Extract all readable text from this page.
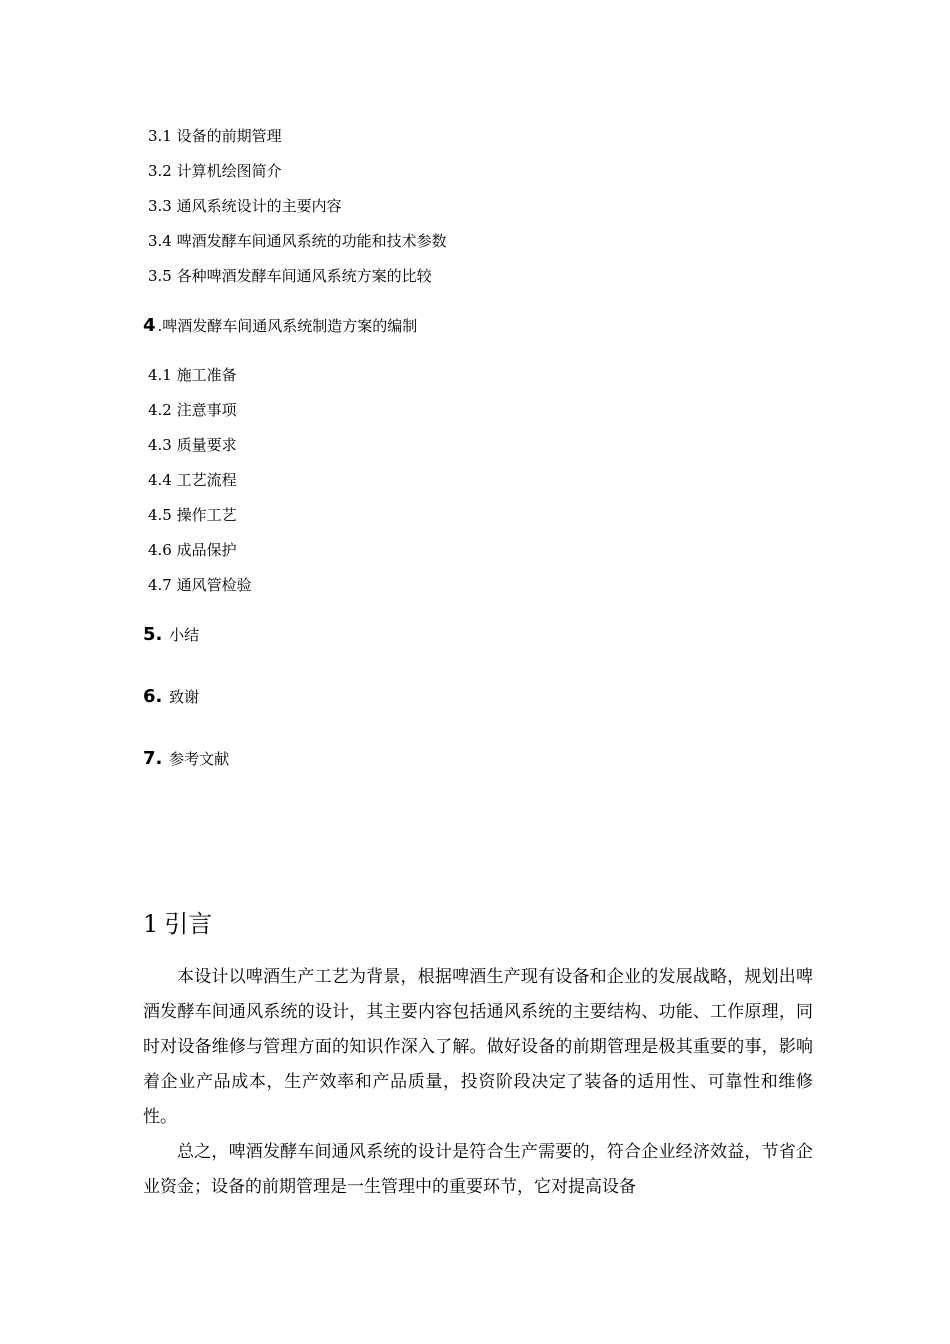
3.1 设备的前期管理
3.2 计算机绘图简介
3.3 通风系统设计的主要内容
3.4 啤酒发酵车间通风系统的功能和技术参数
3.5 各种啤酒发酵车间通风系统方案的比较
4 .啤酒发酵车间通风系统制造方案的编制
4.1 施工准备
4.2 注意事项
4.3 质量要求
4.4 工艺流程
4.5 操作工艺
4.6 成品保护
4.7 通风管检验
5. 小结
6. 致谢
7. 参考文献
1 引言

本设计以啤酒生产工艺为背景，根据啤酒生产现有设备和企业的发展战略，规划出啤酒发酵车间通风系统的设计，其主要内容包括通风系统的主要结构、功能、工作原理，同时对设备维修与管理方面的知识作深入了解。做好设备的前期管理是极其重要的事，影响着企业产品成本，生产效率和产品质量，投资阶段决定了装备的适用性、可靠性和维修性。

总之，啤酒发酵车间通风系统的设计是符合生产需要的，符合企业经济效益，节省企业资金；设备的前期管理是一生管理中的重要环节，它对提高设备
